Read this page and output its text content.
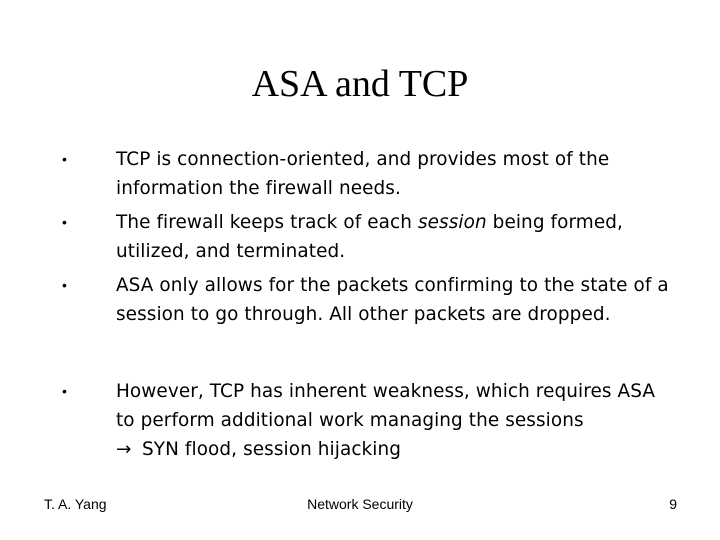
ASA and TCP
•	TCP is connection-oriented, and provides most of the information the firewall needs.
•	The firewall keeps track of each session being formed, utilized, and terminated.
•	ASA only allows for the packets confirming to the state of a session to go through. All other packets are dropped.
•	However, TCP has inherent weakness, which requires ASA to perform additional work managing the sessions
→ SYN flood, session hijacking
T. A. Yang	Network Security	9
